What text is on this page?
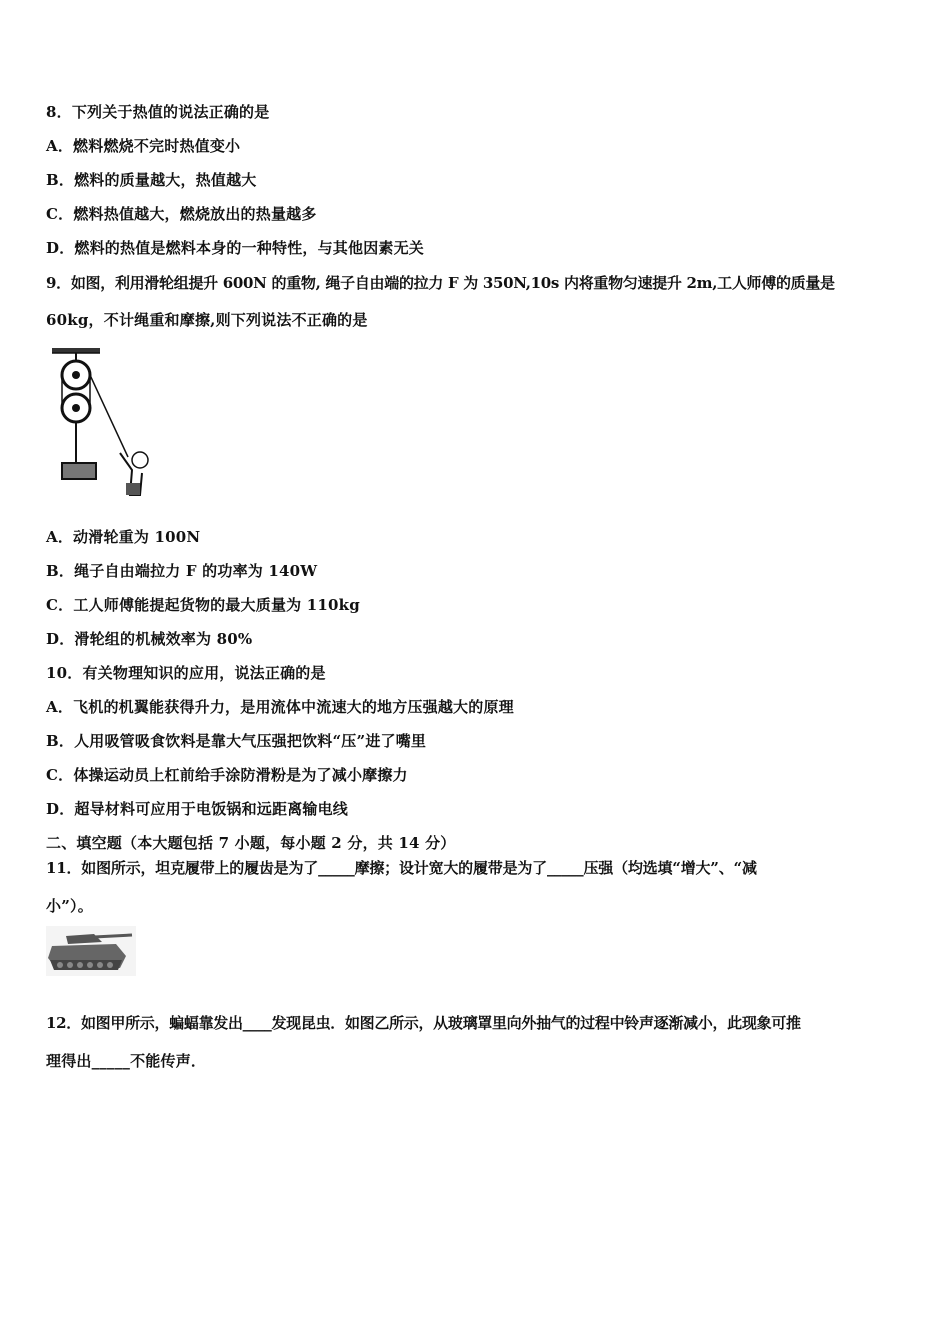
8．下列关于热值的说法正确的是
A．燃料燃烧不完时热值变小
B．燃料的质量越大，热值越大
C．燃料热值越大，燃烧放出的热量越多
D．燃料的热值是燃料本身的一种特性，与其他因素无关
9．如图，利用滑轮组提升 600N 的重物, 绳子自由端的拉力 F 为 350N,10s 内将重物匀速提升 2m,工人师傅的质量是
60kg，不计绳重和摩擦,则下列说法不正确的是
A．动滑轮重为 100N
B．绳子自由端拉力 F 的功率为 140W
C．工人师傅能提起货物的最大质量为 110kg
D．滑轮组的机械效率为 80%
10．有关物理知识的应用，说法正确的是
A．飞机的机翼能获得升力，是用流体中流速大的地方压强越大的原理
B．人用吸管吸食饮料是靠大气压强把饮料“压”进了嘴里
C．体操运动员上杠前给手涂防滑粉是为了减小摩擦力
D．超导材料可应用于电饭锅和远距离输电线
二、填空题（本大题包括 7 小题，每小题 2 分，共 14 分）
11．如图所示，坦克履带上的履齿是为了_____摩擦；设计宽大的履带是为了_____压强（均选填“增大”、“减
小”）。
12．如图甲所示，蝙蝠靠发出____发现昆虫．如图乙所示，从玻璃罩里向外抽气的过程中铃声逐渐减小，此现象可推
理得出_____不能传声．
